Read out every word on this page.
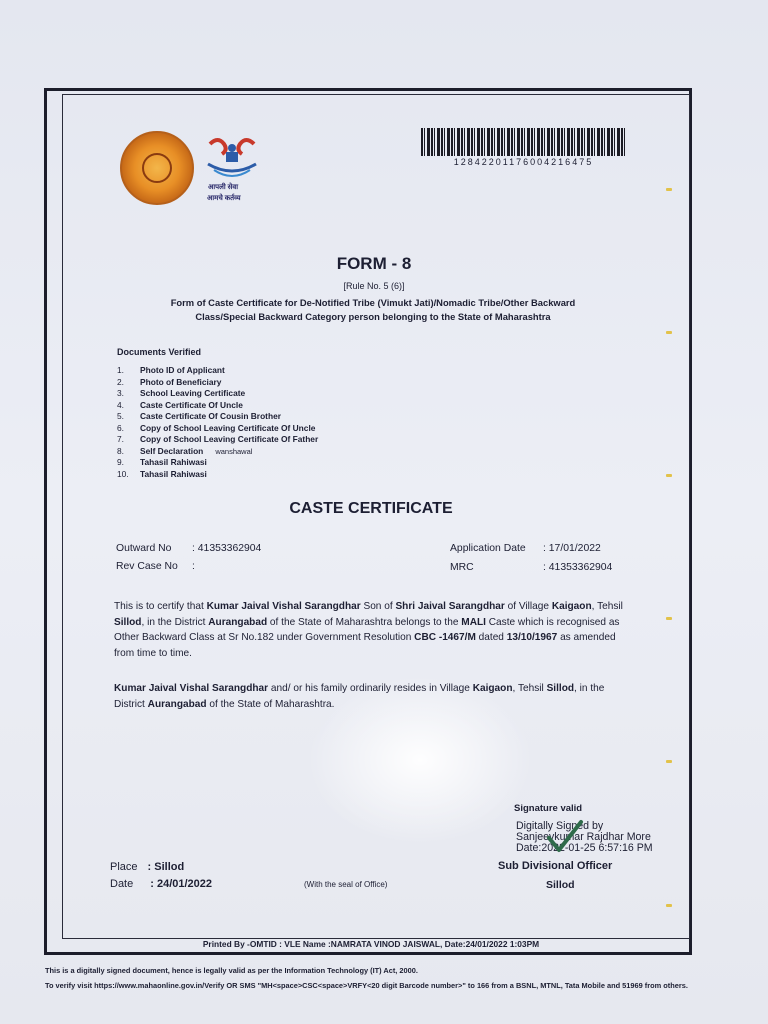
आपली सेवा
आमचे कर्तव्य
12842201176004216475
FORM - 8
[Rule No. 5 (6)]
Form of Caste Certificate for De-Notified Tribe (Vimukt Jati)/Nomadic Tribe/Other Backward
Class/Special Backward Category person belonging to the State of Maharashtra
Documents Verified
1. Photo ID of Applicant
2. Photo of Beneficiary
3. School Leaving Certificate
4. Caste Certificate Of Uncle
5. Caste Certificate Of Cousin Brother
6. Copy of School Leaving Certificate Of Uncle
7. Copy of School Leaving Certificate Of Father
8. Self Declaration wanshawal
9. Tahasil Rahiwasi
10. Tahasil Rahiwasi
CASTE CERTIFICATE
Outward No : 41353362904
Rev Case No :
Application Date : 17/01/2022
MRC	: 41353362904
This is to certify that Kumar Jaival Vishal Sarangdhar Son of Shri Jaival Sarangdhar of Village Kaigaon, Tehsil Sillod, in the District Aurangabad of the State of Maharashtra belongs to the MALI Caste which is recognised as Other Backward Class at Sr No.182 under Government Resolution CBC -1467/M dated 13/10/1967 as amended from time to time.
Kumar Jaival Vishal Sarangdhar and/ or his family ordinarily resides in Village Kaigaon, Tehsil Sillod, in the District Aurangabad of the State of Maharashtra.
Signature valid
Digitally Signed by
Sanjeevkumar Rajdhar More
Date:2022-01-25 6:57:16 PM
Sub Divisional Officer
Sillod
Place : Sillod
Date : 24/01/2022	(With the seal of Office)
Printed By -OMTID : VLE Name :NAMRATA VINOD JAISWAL, Date:24/01/2022 1:03PM
This is a digitally signed document, hence is legally valid as per the Information Technology (IT) Act, 2000.
To verify visit https://www.mahaonline.gov.in/Verify OR SMS "MH<space>CSC<space>VRFY<20 digit Barcode number>" to 166 from a BSNL, MTNL, Tata Mobile and 51969 from others.
